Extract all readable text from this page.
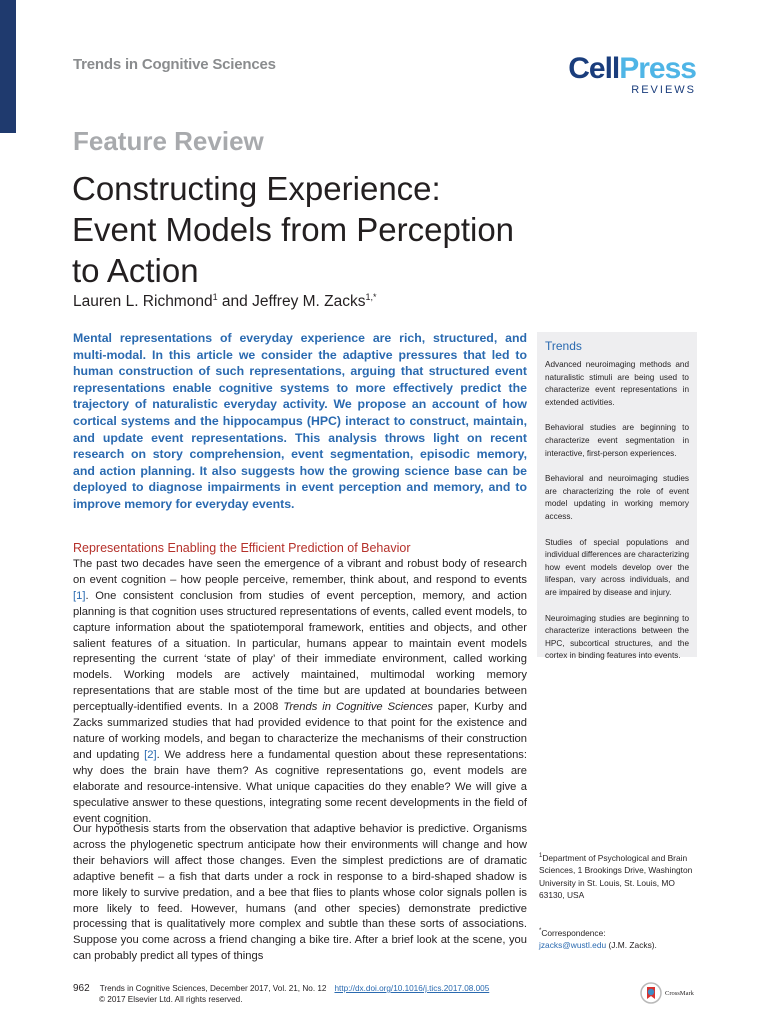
Trends in Cognitive Sciences	CellPress
REVIEWS
Feature Review
Constructing Experience:
Event Models from Perception
to Action
Lauren L. Richmond$^1$ and Jeffrey M. Zacks$^{1,*}$
Mental representations of everyday experience are rich, structured, and multi-modal. In this article we consider the adaptive pressures that led to human construction of such representations, arguing that structured event representations enable cognitive systems to more effectively predict the trajectory of naturalistic everyday activity. We propose an account of how cortical systems and the hippocampus (HPC) interact to construct, maintain, and update event representations. This analysis throws light on recent research on story comprehension, event segmentation, episodic memory, and action planning. It also suggests how the growing science base can be deployed to diagnose impairments in event perception and memory, and to improve memory for everyday events.
Representations Enabling the Efficient Prediction of Behavior
The past two decades have seen the emergence of a vibrant and robust body of research on event cognition – how people perceive, remember, think about, and respond to events [1]. One consistent conclusion from studies of event perception, memory, and action planning is that cognition uses structured representations of events, called event models, to capture information about the spatiotemporal framework, entities and objects, and other salient features of a situation. In particular, humans appear to maintain event models representing the current ‘state of play’ of their immediate environment, called working models. Working models are actively maintained, multimodal working memory representations that are stable most of the time but are updated at boundaries between perceptually-identified events. In a 2008 Trends in Cognitive Sciences paper, Kurby and Zacks summarized studies that had provided evidence to that point for the existence and nature of working models, and began to characterize the mechanisms of their construction and updating [2]. We address here a fundamental question about these representations: why does the brain have them? As cognitive representations go, event models are elaborate and resource-intensive. What unique capacities do they enable? We will give a speculative answer to these questions, integrating some recent developments in the field of event cognition.
Our hypothesis starts from the observation that adaptive behavior is predictive. Organisms across the phylogenetic spectrum anticipate how their environments will change and how their behaviors will affect those changes. Even the simplest predictions are of dramatic adaptive benefit – a fish that darts under a rock in response to a bird-shaped shadow is more likely to survive predation, and a bee that flies to plants whose color signals pollen is more likely to feed. However, humans (and other species) demonstrate predictive processing that is qualitatively more complex and subtle than these sorts of associations. Suppose you come across a friend changing a bike tire. After a brief look at the scene, you can probably predict all types of things
Trends
Advanced neuroimaging methods and naturalistic stimuli are being used to characterize event representations in extended activities.
Behavioral studies are beginning to characterize event segmentation in interactive, first-person experiences.
Behavioral and neuroimaging studies are characterizing the role of event model updating in working memory access.
Studies of special populations and individual differences are characterizing how event models develop over the lifespan, vary across individuals, and are impaired by disease and injury.
Neuroimaging studies are beginning to characterize interactions between the HPC, subcortical structures, and the cortex in binding features into events.
$^1$Department of Psychological and Brain Sciences, 1 Brookings Drive, Washington University in St. Louis, St. Louis, MO 63130, USA
*Correspondence:
jzacks@wustl.edu (J.M. Zacks).
962 Trends in Cognitive Sciences, December 2017, Vol. 21, No. 12 http://dx.doi.org/10.1016/j.tics.2017.08.005
© 2017 Elsevier Ltd. All rights reserved.
CrossMark
